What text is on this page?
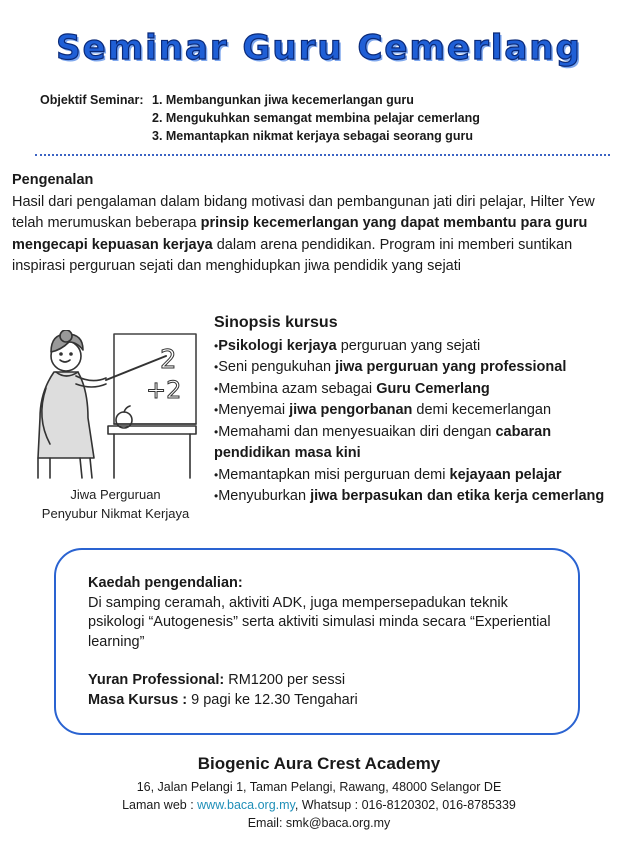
Seminar Guru Cemerlang
Objektif Seminar: 1. Membangunkan jiwa kecemerlangan guru
2. Mengukuhkan semangat membina pelajar cemerlang
3. Memantapkan nikmat kerjaya sebagai seorang guru
Pengenalan

Hasil dari pengalaman dalam bidang motivasi dan pembangunan jati diri pelajar, Hilter Yew telah merumuskan beberapa prinsip kecemerlangan yang dapat membantu para guru mengecapi kepuasan kerjaya dalam arena pendidikan. Program ini memberi suntikan inspirasi perguruan sejati dan menghidupkan jiwa pendidik yang sejati

2
+2
Jiwa Perguruan
Penyubur Nikmat Kerjaya
Sinopsis kursus
•Psikologi kerjaya perguruan yang sejati
•Seni pengukuhan jiwa perguruan yang professional
•Membina azam sebagai Guru Cemerlang
•Menyemai jiwa pengorbanan demi kecemerlangan
•Memahami dan menyesuaikan diri dengan cabaran pendidikan masa kini
•Memantapkan misi perguruan demi kejayaan pelajar
•Menyuburkan jiwa berpasukan dan etika kerja cemerlang

Kaedah pengendalian:

Di samping ceramah, aktiviti ADK, juga mempersepadukan teknik psikologi “Autogenesis” serta aktiviti simulasi minda secara “Experiential learning”

Yuran Professional: RM1200 per sessi

Masa Kursus : 9 pagi ke 12.30 Tengahari

Biogenic Aura Crest Academy
16, Jalan Pelangi 1, Taman Pelangi, Rawang, 48000 Selangor DE
Laman web : www.baca.org.my, Whatsup : 016-8120302, 016-8785339
Email: smk@baca.org.my
